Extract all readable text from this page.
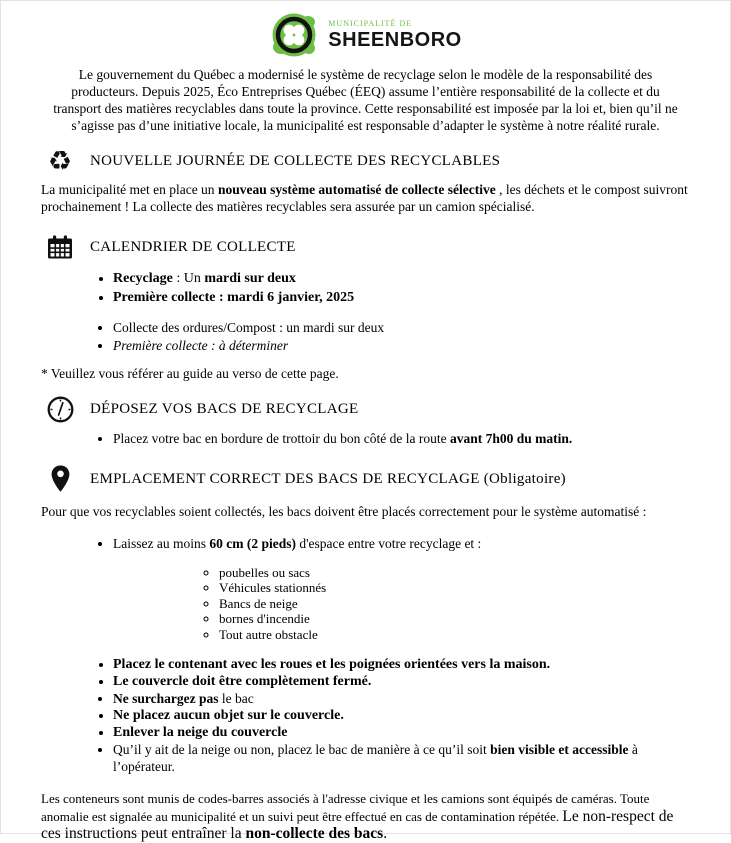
MUNICIPALITÉ DE
SHEENBORO

Le gouvernement du Québec a modernisé le système de recyclage selon le modèle de la responsabilité des producteurs. Depuis 2025, Éco Entreprises Québec (ÉEQ) assume l’entière responsabilité de la collecte et du transport des matières recyclables dans toute la province. Cette responsabilité est imposée par la loi et, bien qu’il ne s’agisse pas d’une initiative locale, la municipalité est responsable d’adapter le système à notre réalité rurale.

♻ NOUVELLE JOURNÉE DE COLLECTE DES RECYCLABLES

La municipalité met en place un nouveau système automatisé de collecte sélective , les déchets et le compost suivront prochainement ! La collecte des matières recyclables sera assurée par un camion spécialisé.

CALENDRIER DE COLLECTE
• Recyclage : Un mardi sur deux
• Première collecte : mardi 6 janvier, 2025
• Collecte des ordures/Compost : un mardi sur deux
• Première collecte : à déterminer

* Veuillez vous référer au guide au verso de cette page.

DÉPOSEZ VOS BACS DE RECYCLAGE
• Placez votre bac en bordure de trottoir du bon côté de la route avant 7h00 du matin.
EMPLACEMENT CORRECT DES BACS DE RECYCLAGE (Obligatoire)

Pour que vos recyclables soient collectés, les bacs doivent être placés correctement pour le système automatisé :

• Laissez au moins 60 cm (2 pieds) d'espace entre votre recyclage et :
◦ poubelles ou sacs
◦ Véhicules stationnés
◦ Bancs de neige
◦ bornes d'incendie
◦ Tout autre obstacle
• Placez le contenant avec les roues et les poignées orientées vers la maison.
• Le couvercle doit être complètement fermé.
• Ne surchargez pas le bac
• Ne placez aucun objet sur le couvercle.
• Enlever la neige du couvercle
• Qu’il y ait de la neige ou non, placez le bac de manière à ce qu’il soit bien visible et accessible à l’opérateur.

Les conteneurs sont munis de codes-barres associés à l'adresse civique et les camions sont équipés de caméras. Toute anomalie est signalée au municipalité et un suivi peut être effectué en cas de contamination répétée. Le non-respect de ces instructions peut entraîner la non-collecte des bacs.
